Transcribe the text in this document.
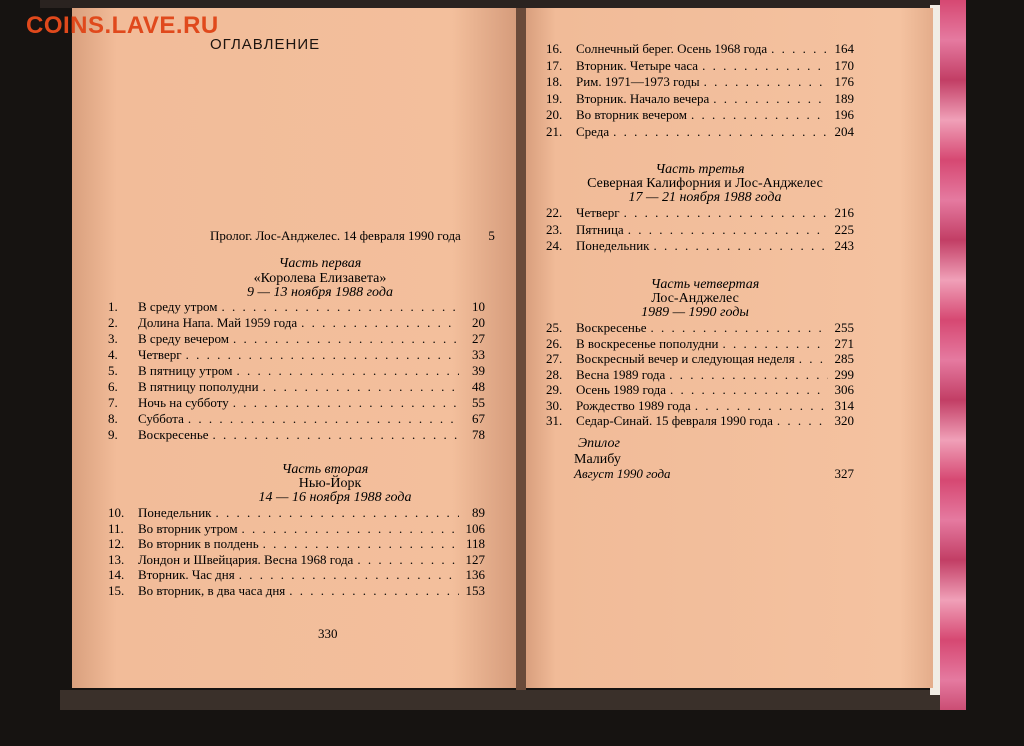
COINS.LAVE.RU
ОГЛАВЛЕНИЕ
Пролог. Лос-Анджелес. 14 февраля 1990 года	5
Часть первая
«Королева Елизавета»
9 — 13 ноября 1988 года
1.	В среду утром . . .	10
2.	Долина Напа. Май 1959 года . . .	20
3.	В среду вечером . . .	27
4.	Четверг . . .	33
5.	В пятницу утром . . .	39
6.	В пятницу пополудни . . .	48
7.	Ночь на субботу . . .	55
8.	Суббота . . .	67
9.	Воскресенье . . .	78
Часть вторая
Нью-Йорк
14 — 16 ноября 1988 года
10.	Понедельник . . .	89
11.	Во вторник утром . . .	106
12.	Во вторник в полдень . . .	118
13.	Лондон и Швейцария. Весна 1968 года . . .	127
14.	Вторник. Час дня . . .	136
15.	Во вторник, в два часа дня . . .	153
330
16.	Солнечный берег. Осень 1968 года . . .	164
17.	Вторник. Четыре часа . . .	170
18.	Рим. 1971—1973 годы . . .	176
19.	Вторник. Начало вечера . . .	189
20.	Во вторник вечером . . .	196
21.	Среда . . .	204
Часть третья
Северная Калифорния и Лос-Анджелес
17 — 21 ноября 1988 года
22.	Четверг . . .	216
23.	Пятница . . .	225
24.	Понедельник . . .	243
Часть четвертая
Лос-Анджелес
1989 — 1990 годы
25.	Воскресенье . . .	255
26.	В воскресенье пополудни . . .	271
27.	Воскресный вечер и следующая неделя . . .	285
28.	Весна 1989 года . . .	299
29.	Осень 1989 года . . .	306
30.	Рождество 1989 года . . .	314
31.	Седар-Синай. 15 февраля 1990 года . . .	320
Эпилог
Малибу
Август 1990 года	327
